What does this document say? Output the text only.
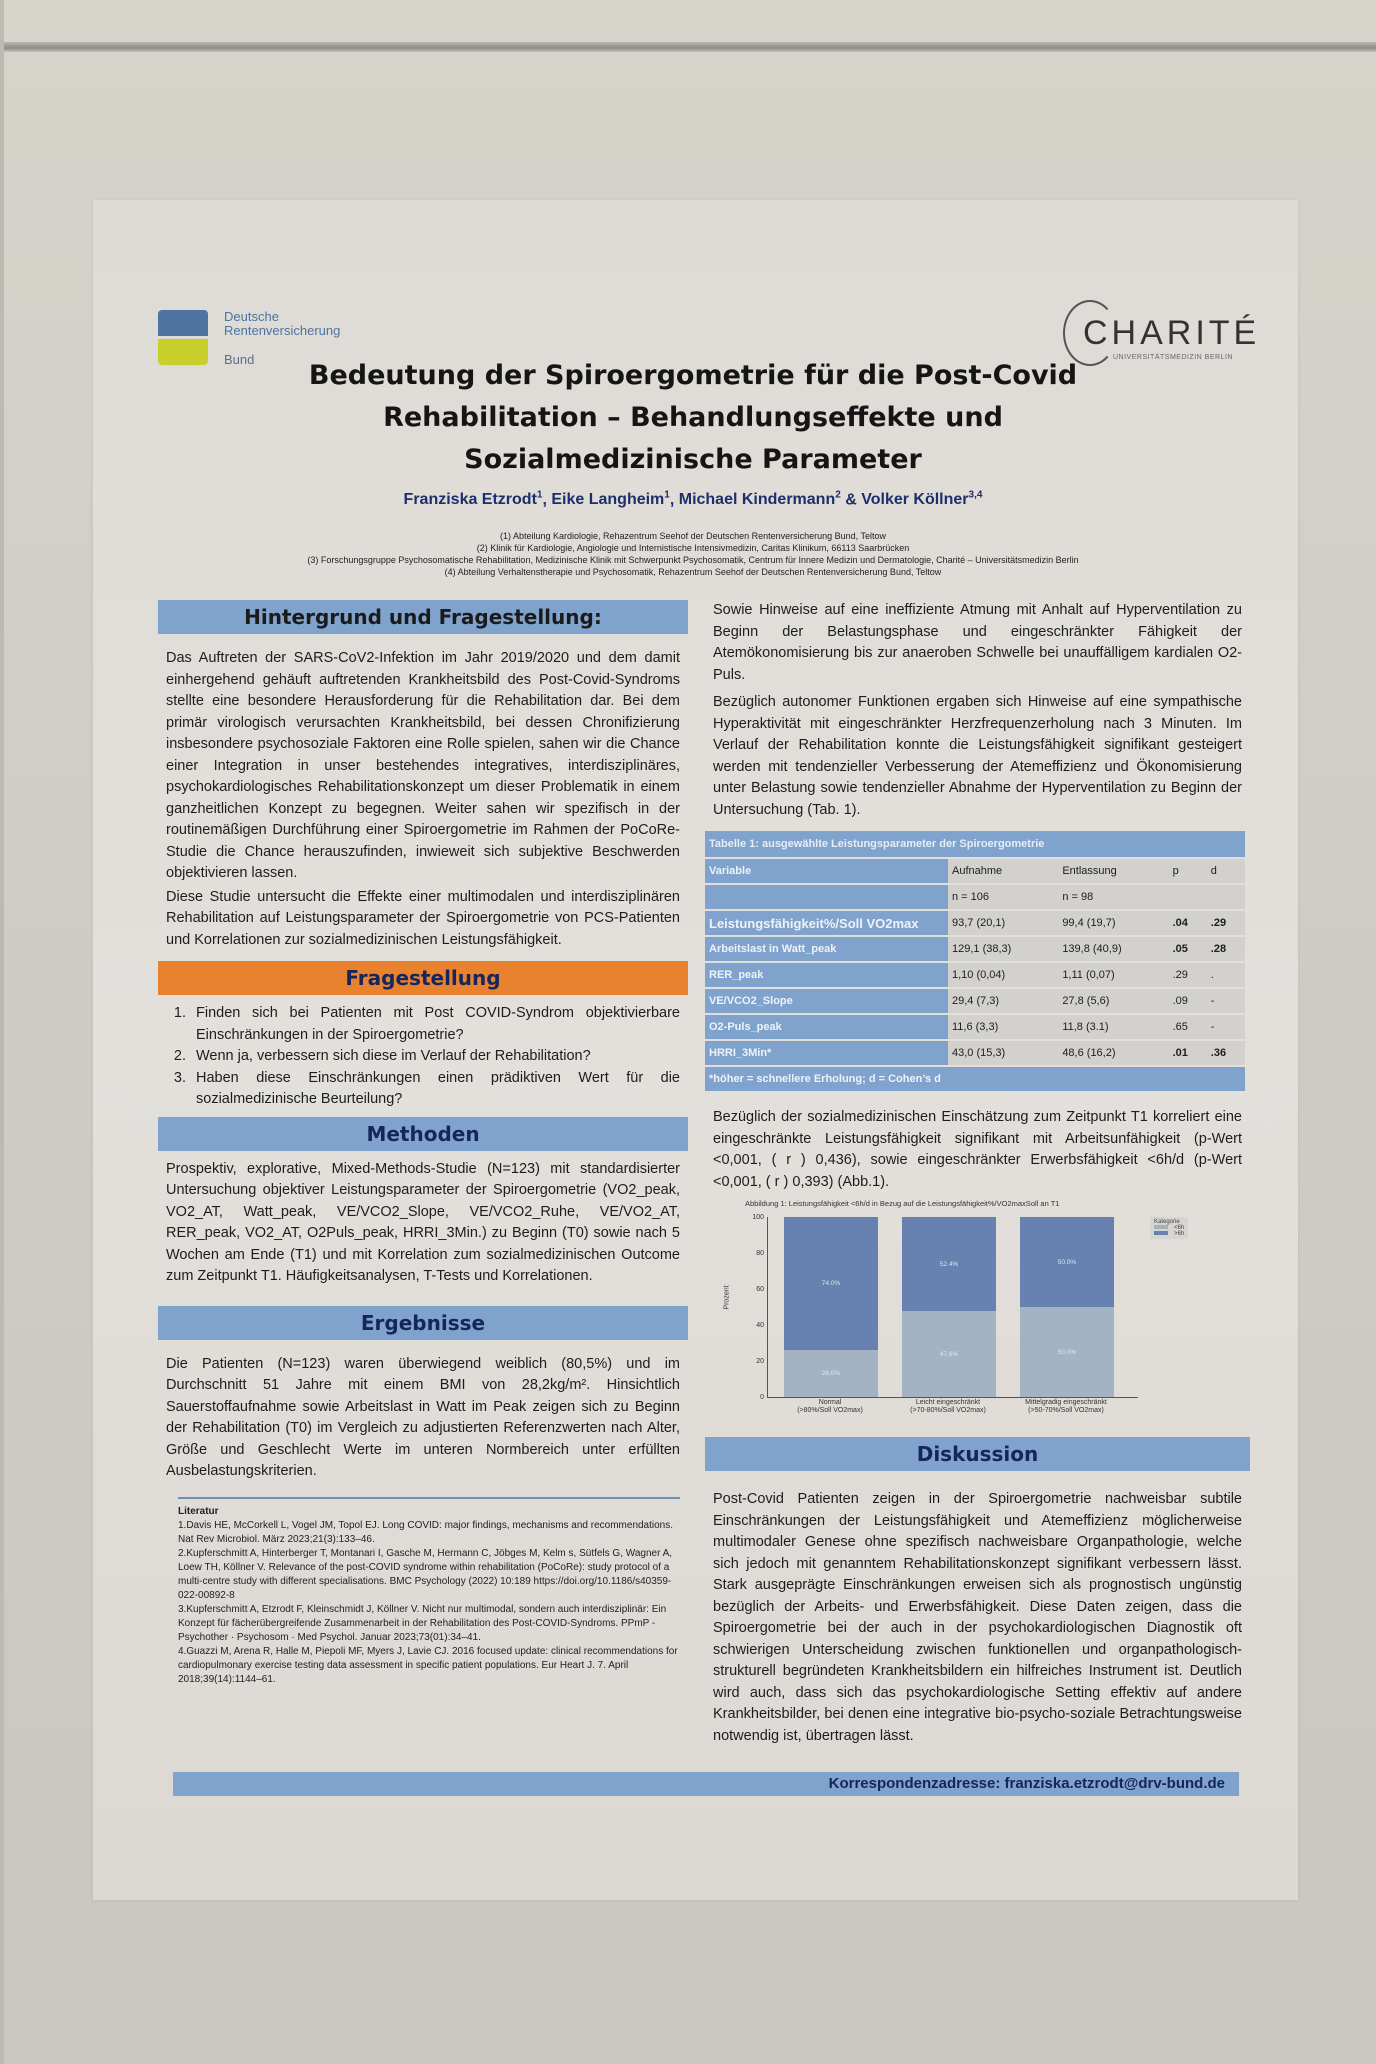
Deutsche
Rentenversicherung
Bund
CHARITÉ
UNIVERSITÄTSMEDIZIN BERLIN
Bedeutung der Spiroergometrie für die Post-Covid Rehabilitation – Behandlungseffekte und Sozialmedizinische Parameter
Franziska Etzrodt$^1$, Eike Langheim$^1$, Michael Kindermann$^2$ & Volker Köllner$^{3,4}$
(1) Abteilung Kardiologie, Rehazentrum Seehof der Deutschen Rentenversicherung Bund, Teltow
(2) Klinik für Kardiologie, Angiologie und Internistische Intensivmedizin, Caritas Klinikum, 66113 Saarbrücken
(3) Forschungsgruppe Psychosomatische Rehabilitation, Medizinische Klinik mit Schwerpunkt Psychosomatik, Centrum für Innere Medizin und Dermatologie, Charité – Universitätsmedizin Berlin
(4) Abteilung Verhaltenstherapie und Psychosomatik, Rehazentrum Seehof der Deutschen Rentenversicherung Bund, Teltow
Hintergrund und Fragestellung:

Das Auftreten der SARS-CoV2-Infektion im Jahr 2019/2020 und dem damit einhergehend gehäuft auftretenden Krankheitsbild des Post-Covid-Syndroms stellte eine besondere Herausforderung für die Rehabilitation dar. Bei dem primär virologisch verursachten Krankheitsbild, bei dessen Chronifizierung insbesondere psychosoziale Faktoren eine Rolle spielen, sahen wir die Chance einer Integration in unser bestehendes integratives, interdisziplinäres, psychokardiologisches Rehabilitationskonzept um dieser Problematik in einem ganzheitlichen Konzept zu begegnen. Weiter sahen wir spezifisch in der routinemäßigen Durchführung einer Spiroergometrie im Rahmen der PoCoRe-Studie die Chance herauszufinden, inwieweit sich subjektive Beschwerden objektivieren lassen.

Diese Studie untersucht die Effekte einer multimodalen und interdisziplinären Rehabilitation auf Leistungsparameter der Spiroergometrie von PCS-Patienten und Korrelationen zur sozialmedizinischen Leistungsfähigkeit.

Fragestellung
1. Finden sich bei Patienten mit Post COVID-Syndrom objektivierbare Einschränkungen in der Spiroergometrie?
2. Wenn ja, verbessern sich diese im Verlauf der Rehabilitation?
3. Haben diese Einschränkungen einen prädiktiven Wert für die sozialmedizinische Beurteilung?
Methoden

Prospektiv, explorative, Mixed-Methods-Studie (N=123) mit standardisierter Untersuchung objektiver Leistungsparameter der Spiroergometrie (VO2_peak, VO2_AT, Watt_peak, VE/VCO2_Slope, VE/VCO2_Ruhe, VE/VO2_AT, RER_peak, VO2_AT, O2Puls_peak, HRRI_3Min.) zu Beginn (T0) sowie nach 5 Wochen am Ende (T1) und mit Korrelation zum sozialmedizinischen Outcome zum Zeitpunkt T1. Häufigkeitsanalysen, T-Tests und Korrelationen.

Ergebnisse

Die Patienten (N=123) waren überwiegend weiblich (80,5%) und im Durchschnitt 51 Jahre mit einem BMI von 28,2kg/m². Hinsichtlich Sauerstoffaufnahme sowie Arbeitslast in Watt im Peak zeigen sich zu Beginn der Rehabilitation (T0) im Vergleich zu adjustierten Referenzwerten nach Alter, Größe und Geschlecht Werte im unteren Normbereich unter erfüllten Ausbelastungskriterien.

Literatur
1.Davis HE, McCorkell L, Vogel JM, Topol EJ. Long COVID: major findings, mechanisms and recommendations. Nat Rev Microbiol. März 2023;21(3):133–46.
2.Kupferschmitt A, Hinterberger T, Montanari I, Gasche M, Hermann C, Jöbges M, Kelm s, Sütfels G, Wagner A, Loew TH, Köllner V. Relevance of the post-COVID syndrome within rehabilitation (PoCoRe): study protocol of a multi-centre study with different specialisations. BMC Psychology (2022) 10:189 https://doi.org/10.1186/s40359-022-00892-8
3.Kupferschmitt A, Etzrodt F, Kleinschmidt J, Köllner V. Nicht nur multimodal, sondern auch interdisziplinär: Ein Konzept für fächerübergreifende Zusammenarbeit in der Rehabilitation des Post-COVID-Syndroms. PPmP - Psychother · Psychosom · Med Psychol. Januar 2023;73(01):34–41.
4.Guazzi M, Arena R, Halle M, Piepoli MF, Myers J, Lavie CJ. 2016 focused update: clinical recommendations for cardiopulmonary exercise testing data assessment in specific patient populations. Eur Heart J. 7. April 2018;39(14):1144–61.

Sowie Hinweise auf eine ineffiziente Atmung mit Anhalt auf Hyperventilation zu Beginn der Belastungsphase und eingeschränkter Fähigkeit der Atemökonomisierung bis zur anaeroben Schwelle bei unauffälligem kardialen O2-Puls.

Bezüglich autonomer Funktionen ergaben sich Hinweise auf eine sympathische Hyperaktivität mit eingeschränkter Herzfrequenzerholung nach 3 Minuten. Im Verlauf der Rehabilitation konnte die Leistungsfähigkeit signifikant gesteigert werden mit tendenzieller Verbesserung der Atemeffizienz und Ökonomisierung unter Belastung sowie tendenzieller Abnahme der Hyperventilation zu Beginn der Untersuchung (Tab. 1).

Tabelle 1: ausgewählte Leistungsparameter der Spiroergometrie				
Variable	Aufnahme	Entlassung	p	d
	n = 106	n = 98		
Leistungsfähigkeit%/Soll VO2max	93,7 (20,1)	99,4 (19,7)	.04	.29
Arbeitslast in Watt_peak	129,1 (38,3)	139,8 (40,9)	.05	.28
RER_peak	1,10 (0,04)	1,11 (0,07)	.29	.
VE/VCO2_Slope	29,4 (7,3)	27,8 (5,6)	.09	-
O2-Puls_peak	11,6 (3,3)	11,8 (3.1)	.65	-
HRRI_3Min*	43,0 (15,3)	48,6 (16,2)	.01	.36
*höher = schnellere Erholung; d = Cohen’s d				

Bezüglich der sozialmedizinischen Einschätzung zum Zeitpunkt T1 korreliert eine eingeschränkte Leistungsfähigkeit signifikant mit Arbeitsunfähigkeit (p-Wert <0,001, ( r ) 0,436), sowie eingeschränkter Erwerbsfähigkeit <6h/d (p-Wert <0,001, ( r ) 0,393) (Abb.1).

Abbildung 1: Leistungsfähigkeit <6h/d in Bezug auf die Leistungsfähigkeit%/VO2maxSoll an T1
Prozent
0
20
40
60
80
100
74.0%
26.0%
52.4%
47.6%
50.0%
50.0%
Normal
(>80%/Soll VO2max)
Leicht eingeschränkt
(>70-80%/Soll VO2max)
Mittelgradig eingeschränkt
(>50-70%/Soll VO2max)
Kategorie
<6h
>6h
Diskussion

Post-Covid Patienten zeigen in der Spiroergometrie nachweisbar subtile Einschränkungen der Leistungsfähigkeit und Atemeffizienz möglicherweise multimodaler Genese ohne spezifisch nachweisbare Organpathologie, welche sich jedoch mit genanntem Rehabilitationskonzept signifikant verbessern lässt. Stark ausgeprägte Einschränkungen erweisen sich als prognostisch ungünstig bezüglich der Arbeits- und Erwerbsfähigkeit. Diese Daten zeigen, dass die Spiroergometrie bei der auch in der psychokardiologischen Diagnostik oft schwierigen Unterscheidung zwischen funktionellen und organpathologisch-strukturell begründeten Krankheitsbildern ein hilfreiches Instrument ist. Deutlich wird auch, dass sich das psychokardiologische Setting effektiv auf andere Krankheitsbilder, bei denen eine integrative bio-psycho-soziale Betrachtungsweise notwendig ist, übertragen lässt.

Korrespondenzadresse: franziska.etzrodt@drv-bund.de
